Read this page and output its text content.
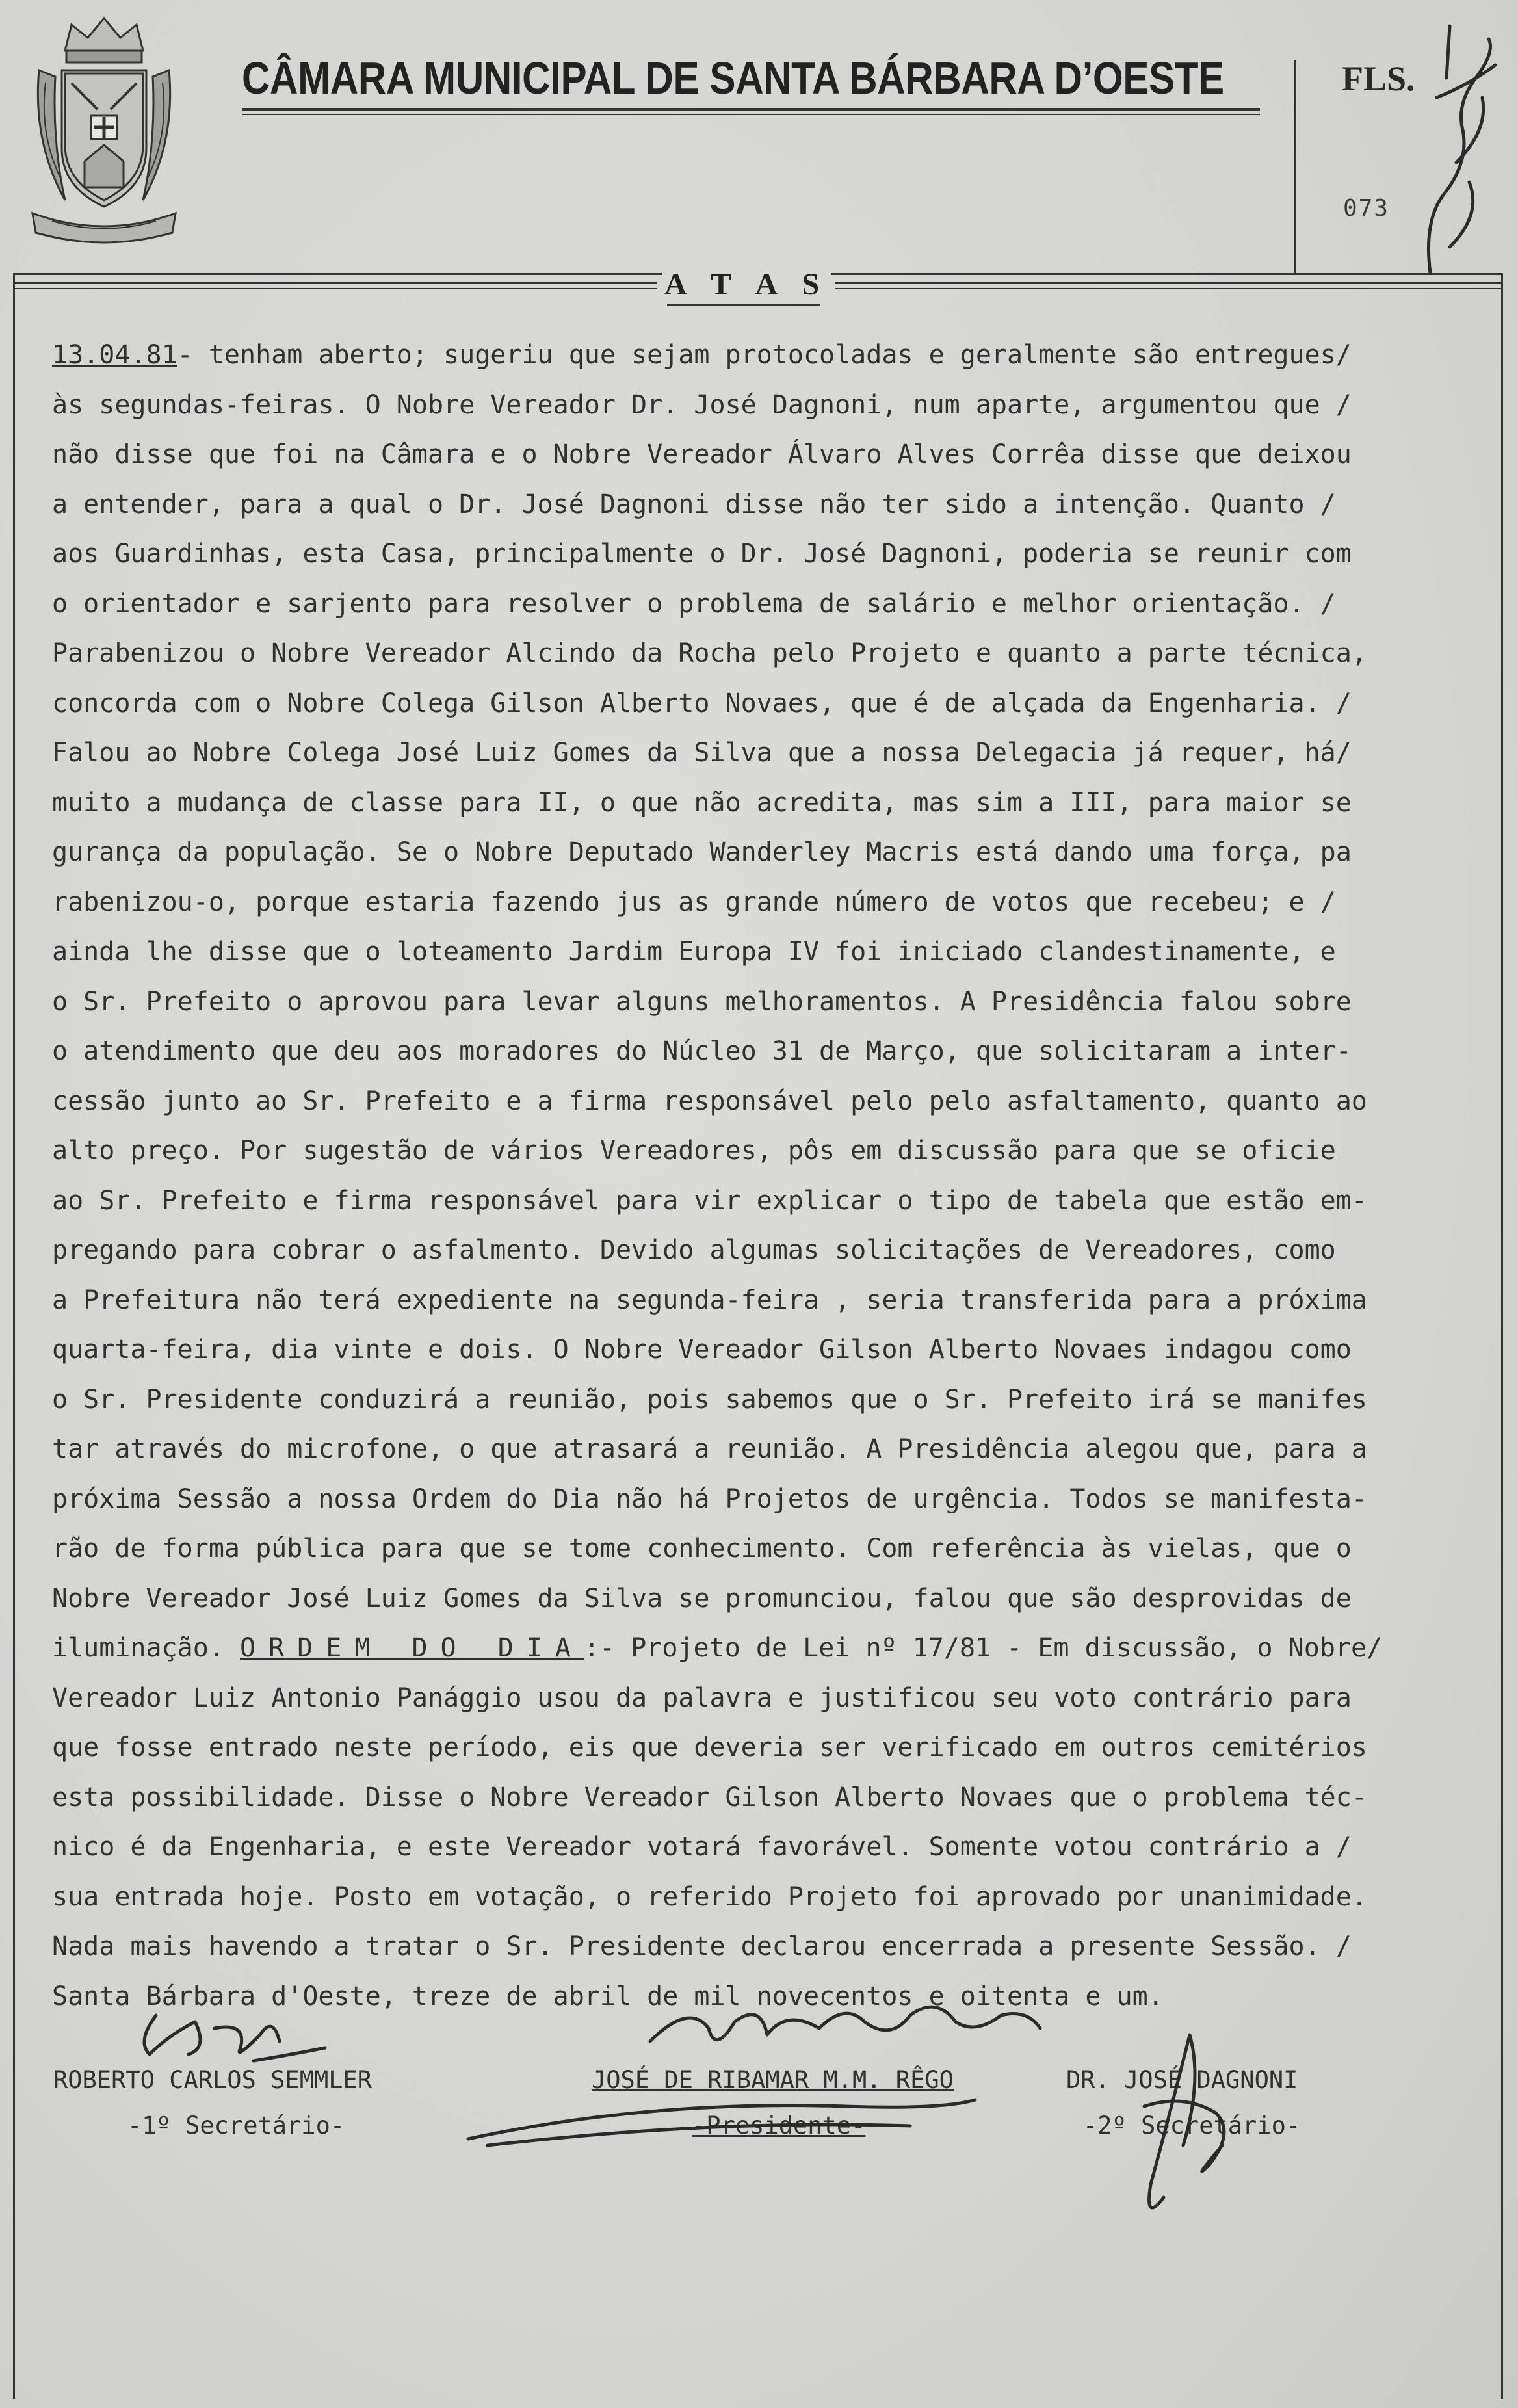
CÂMARA MUNICIPAL DE SANTA BÁRBARA D’OESTE	FLS.
073
A T A S
13.04.81- tenham aberto; sugeriu que sejam protocoladas e geralmente são entregues/
às segundas-feiras. O Nobre Vereador Dr. José Dagnoni, num aparte, argumentou que /
não disse que foi na Câmara e o Nobre Vereador Álvaro Alves Corrêa disse que deixou
a entender, para a qual o Dr. José Dagnoni disse não ter sido a intenção. Quanto /
aos Guardinhas, esta Casa, principalmente o Dr. José Dagnoni, poderia se reunir com
o orientador e sarjento para resolver o problema de salário e melhor orientação. /
Parabenizou o Nobre Vereador Alcindo da Rocha pelo Projeto e quanto a parte técnica,
concorda com o Nobre Colega Gilson Alberto Novaes, que é de alçada da Engenharia. /
Falou ao Nobre Colega José Luiz Gomes da Silva que a nossa Delegacia já requer, há/
muito a mudança de classe para II, o que não acredita, mas sim a III, para maior se
gurança da população. Se o Nobre Deputado Wanderley Macris está dando uma força, pa
rabenizou-o, porque estaria fazendo jus as grande número de votos que recebeu; e /
ainda lhe disse que o loteamento Jardim Europa IV foi iniciado clandestinamente, e
o Sr. Prefeito o aprovou para levar alguns melhoramentos. A Presidência falou sobre
o atendimento que deu aos moradores do Núcleo 31 de Março, que solicitaram a inter-
cessão junto ao Sr. Prefeito e a firma responsável pelo pelo asfaltamento, quanto ao
alto preço. Por sugestão de vários Vereadores, pôs em discussão para que se oficie
ao Sr. Prefeito e firma responsável para vir explicar o tipo de tabela que estão em-
pregando para cobrar o asfalmento. Devido algumas solicitações de Vereadores, como
a Prefeitura não terá expediente na segunda-feira , seria transferida para a próxima
quarta-feira, dia vinte e dois. O Nobre Vereador Gilson Alberto Novaes indagou como
o Sr. Presidente conduzirá a reunião, pois sabemos que o Sr. Prefeito irá se manifes
tar através do microfone, o que atrasará a reunião. A Presidência alegou que, para a
próxima Sessão a nossa Ordem do Dia não há Projetos de urgência. Todos se manifesta-
rão de forma pública para que se tome conhecimento. Com referência às vielas, que o
Nobre Vereador José Luiz Gomes da Silva se promunciou, falou que são desprovidas de
iluminação. ORDEM DO DIA:- Projeto de Lei nº 17/81 - Em discussão, o Nobre/
Vereador Luiz Antonio Panággio usou da palavra e justificou seu voto contrário para
que fosse entrado neste período, eis que deveria ser verificado em outros cemitérios
esta possibilidade. Disse o Nobre Vereador Gilson Alberto Novaes que o problema téc-
nico é da Engenharia, e este Vereador votará favorável. Somente votou contrário a /
sua entrada hoje. Posto em votação, o referido Projeto foi aprovado por unanimidade.
Nada mais havendo a tratar o Sr. Presidente declarou encerrada a presente Sessão. /
Santa Bárbara d'Oeste, treze de abril de mil novecentos e oitenta e um.
ROBERTO CARLOS SEMMLER
-1º Secretário-
JOSÉ DE RIBAMAR M.M. RÊGO
-Presidente-
DR. JOSÉ DAGNONI
-2º Secretário-
